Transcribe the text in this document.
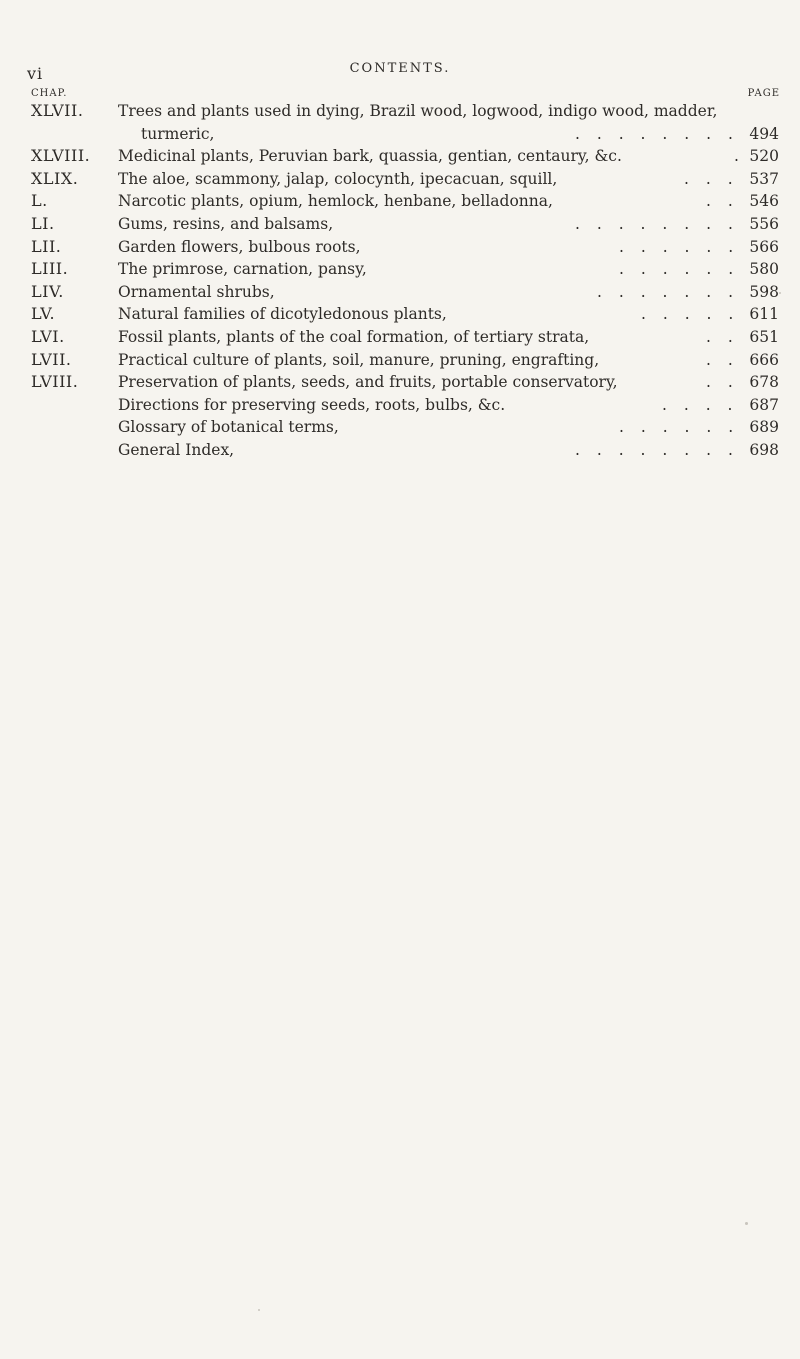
vi	CONTENTS.
CHAP.	PAGE
XLVII. Trees and plants used in dying, Brazil wood, logwood, indigo wood, madder,
turmeric,	. . . . . . . . 494
XLVIII. Medicinal plants, Peruvian bark, quassia, gentian, centaury, &c.	. 520
XLIX.	The aloe, scammony, jalap, colocynth, ipecacuan, squill,	. . . 537
L.	Narcotic plants, opium, hemlock, henbane, belladonna,	. . 546
LI.	Gums, resins, and balsams,	. . . . . . . . 556
LII.	Garden flowers, bulbous roots,	. . . . . . 566
LIII.	The primrose, carnation, pansy,	. . . . . . 580
LIV.	Ornamental shrubs,	. . . . . . . 598
LV.	Natural families of dicotyledonous plants,	. . . . . 611
LVI.	Fossil plants, plants of the coal formation, of tertiary strata,	. . 651
LVII.	Practical culture of plants, soil, manure, pruning, engrafting,	. . 666
LVIII.	Preservation of plants, seeds, and fruits, portable conservatory,	. . 678
Directions for preserving seeds, roots, bulbs, &c.	. . . . 687
Glossary of botanical terms,	. . . . . . 689
General Index,	. . . . . . . . 698
